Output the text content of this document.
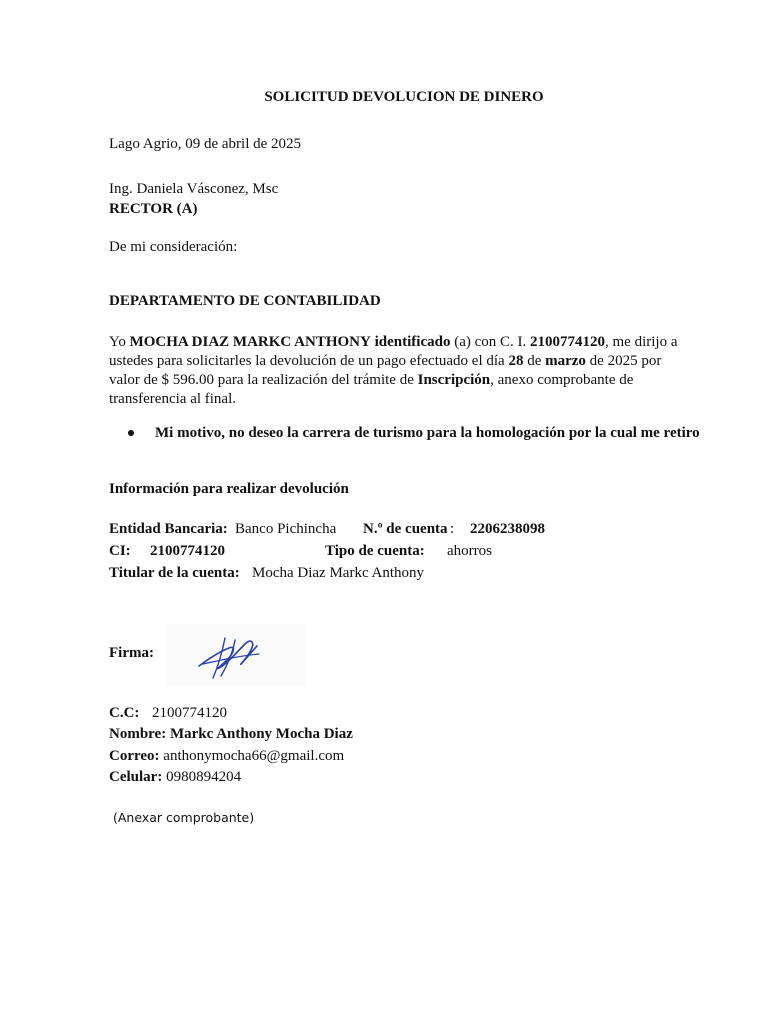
SOLICITUD DEVOLUCION DE DINERO
Lago Agrio, 09 de abril de 2025
Ing. Daniela Vásconez, Msc
RECTOR (A)
De mi consideración:
DEPARTAMENTO DE CONTABILIDAD
Yo MOCHA DIAZ MARKC ANTHONY identificado (a) con C. I. 2100774120, me dirijo a ustedes para solicitarles la devolución de un pago efectuado el día 28 de marzo de 2025 por valor de $ 596.00 para la realización del trámite de Inscripción, anexo comprobante de transferencia al final.
Mi motivo, no deseo la carrera de turismo para la homologación por la cual me retiro
Información para realizar devolución
Entidad Bancaria: Banco Pichincha N.º de cuenta : 2206238098
CI: 2100774120	Tipo de cuenta: ahorros
Titular de la cuenta: Mocha Diaz Markc Anthony
Firma:
C.C: 2100774120
Nombre: Markc Anthony Mocha Diaz
Correo: anthonymocha66@gmail.com
Celular: 0980894204
(Anexar comprobante)
